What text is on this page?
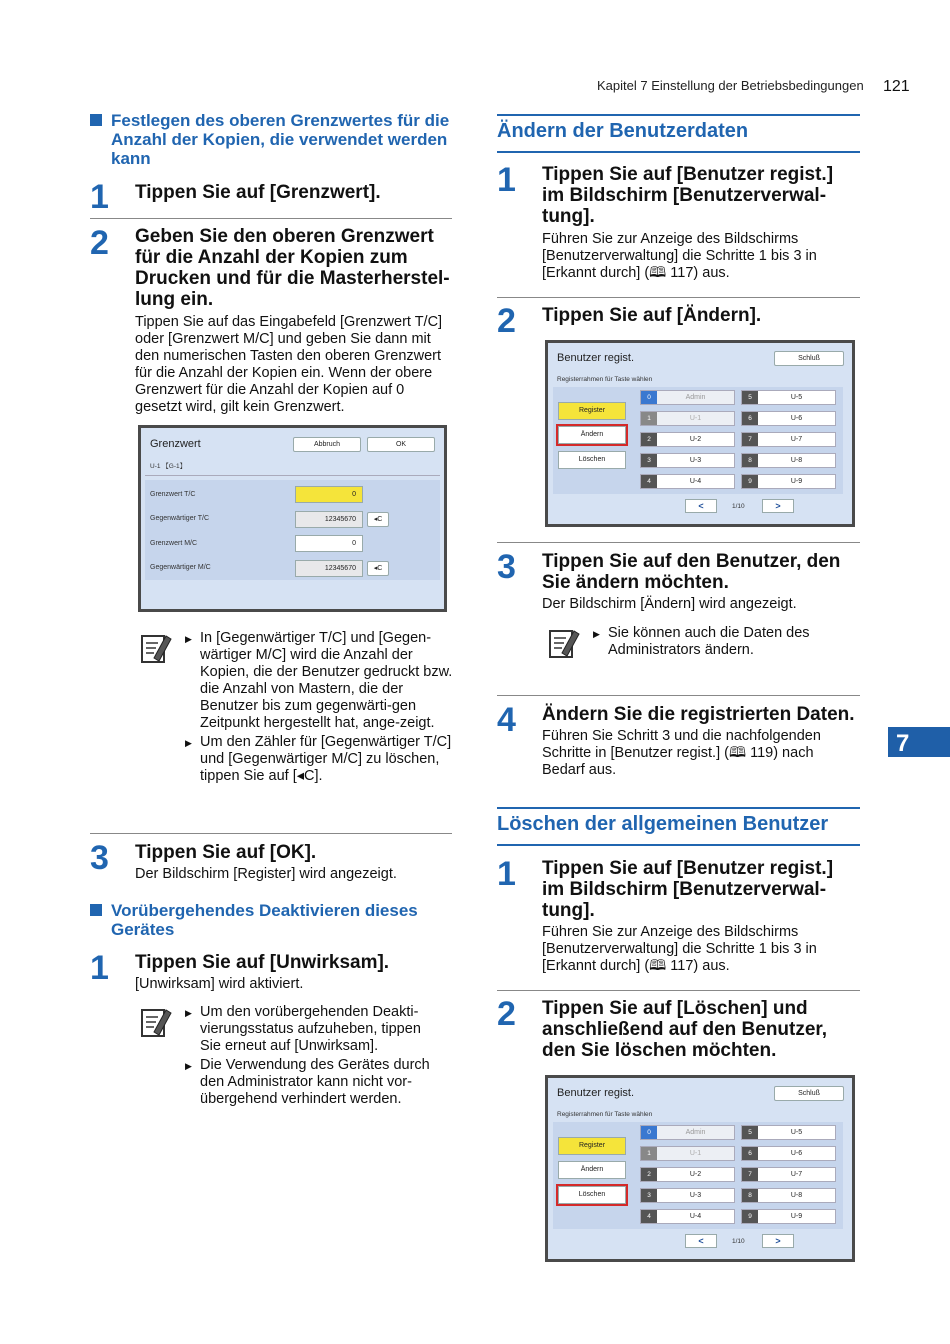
Kapitel 7 Einstellung der Betriebsbedingungen 121
7
Festlegen des oberen Grenzwertes für die Anzahl der Kopien, die verwendet werden kann
1 Tippen Sie auf [Grenzwert].
2 Geben Sie den oberen Grenzwert für die Anzahl der Kopien zum Drucken und für die Masterherstel-lung ein.
Tippen Sie auf das Eingabefeld [Grenzwert T/C] oder [Grenzwert M/C] und geben Sie dann mit den numerischen Tasten den oberen Grenzwert für die Anzahl der Kopien ein. Wenn der obere Grenzwert für die Anzahl der Kopien auf 0 gesetzt wird, gilt kein Grenzwert.
Grenzwert	Abbruch	OK
U-1 【G-1】
Grenzwert T/C	0
Gegenwärtiger T/C	12345670	◂C
Grenzwert M/C	0
Gegenwärtiger M/C	12345670	◂C
▶ In [Gegenwärtiger T/C] und [Gegen-wärtiger M/C] wird die Anzahl der Kopien, die der Benutzer gedruckt bzw. die Anzahl von Mastern, die der Benutzer bis zum gegenwärti-gen Zeitpunkt hergestellt hat, ange-zeigt.
▶ Um den Zähler für [Gegenwärtiger T/C] und [Gegenwärtiger M/C] zu löschen, tippen Sie auf [◂C].
3 Tippen Sie auf [OK].
Der Bildschirm [Register] wird angezeigt.
Vorübergehendes Deaktivieren dieses Gerätes
1 Tippen Sie auf [Unwirksam].
[Unwirksam] wird aktiviert.
▶ Um den vorübergehenden Deakti-vierungsstatus aufzuheben, tippen Sie erneut auf [Unwirksam].
▶ Die Verwendung des Gerätes durch den Administrator kann nicht vor-übergehend verhindert werden.
Ändern der Benutzerdaten
1 Tippen Sie auf [Benutzer regist.] im Bildschirm [Benutzerverwal-tung].
Führen Sie zur Anzeige des Bildschirms [Benutzerverwaltung] die Schritte 1 bis 3 in [Erkannt durch] (🕮 117) aus.
2 Tippen Sie auf [Ändern].
Benutzer regist.	Schluß
Registerrahmen für Taste wählen
Register
Ändern
Löschen
0	Admin	5	U-5
1	U-1	6	U-6
2	U-2	7	U-7
3	U-3	8	U-8
4	U-4	9	U-9
<	1/10	>
3 Tippen Sie auf den Benutzer, den Sie ändern möchten.
Der Bildschirm [Ändern] wird angezeigt.
▶ Sie können auch die Daten des Administrators ändern.
4 Ändern Sie die registrierten Daten.
Führen Sie Schritt 3 und die nachfolgenden Schritte in [Benutzer regist.] (🕮 119) nach Bedarf aus.
Löschen der allgemeinen Benutzer
1 Tippen Sie auf [Benutzer regist.] im Bildschirm [Benutzerverwal-tung].
Führen Sie zur Anzeige des Bildschirms [Benutzerverwaltung] die Schritte 1 bis 3 in [Erkannt durch] (🕮 117) aus.
2 Tippen Sie auf [Löschen] und anschließend auf den Benutzer, den Sie löschen möchten.
Benutzer regist.	Schluß
Registerrahmen für Taste wählen
Register
Ändern
Löschen
0	Admin	5	U-5
1	U-1	6	U-6
2	U-2	7	U-7
3	U-3	8	U-8
4	U-4	9	U-9
<	1/10	>
